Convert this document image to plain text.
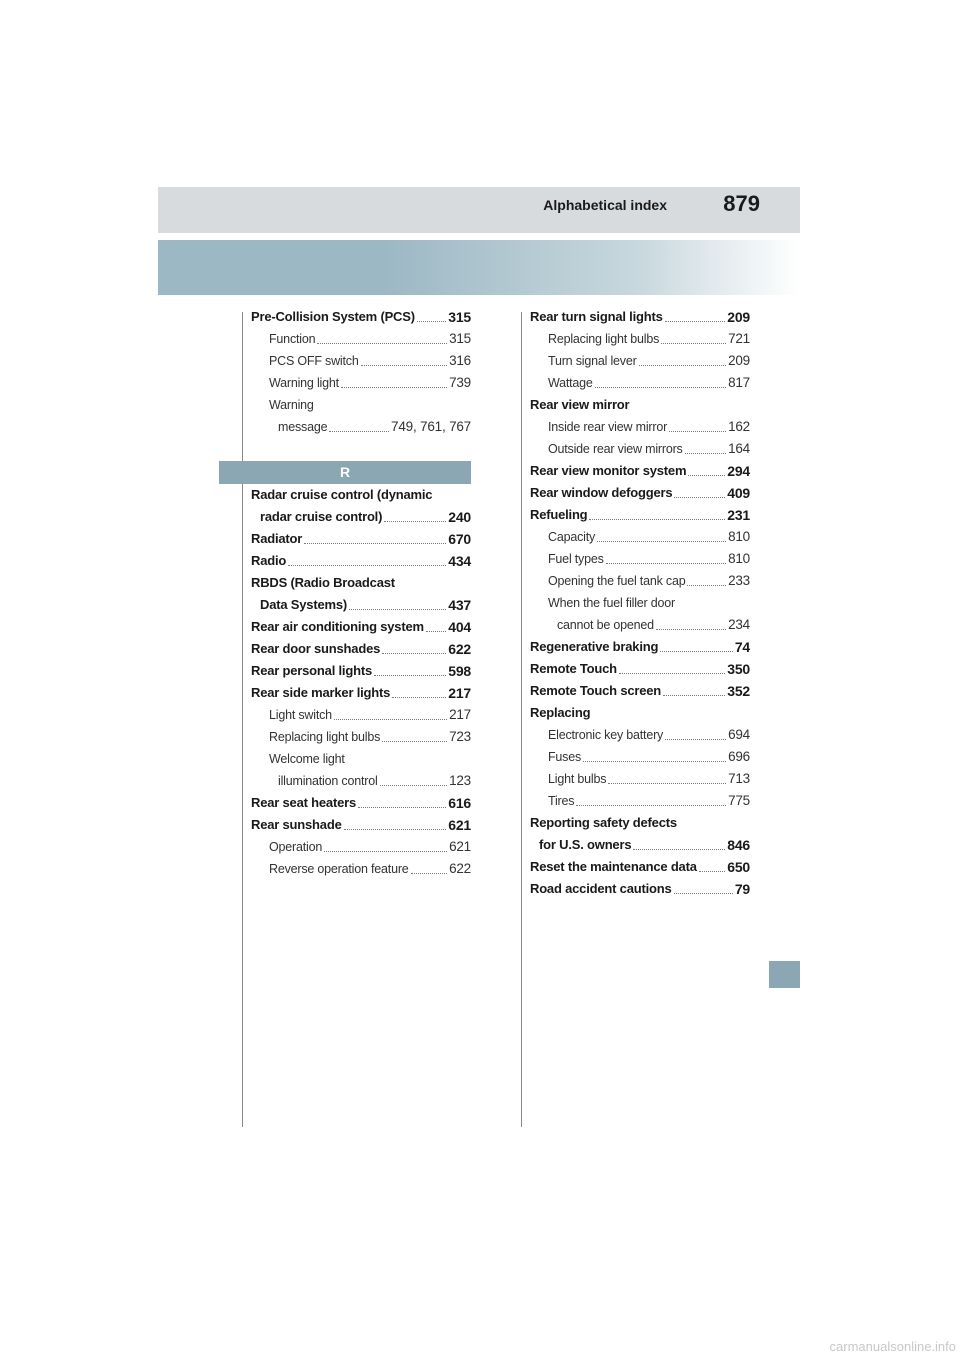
Alphabetical index	879
Pre-Collision System (PCS) 315
Function	315
PCS OFF switch	316
Warning light	739
Warning
message	749, 761, 767
R
Radar cruise control (dynamic
radar cruise control)	240
Radiator	670
Radio	434
RBDS (Radio Broadcast
Data Systems)	437
Rear air conditioning system 404
Rear door sunshades	622
Rear personal lights	598
Rear side marker lights	217
Light switch	217
Replacing light bulbs	723
Welcome light
illumination control	123
Rear seat heaters	616
Rear sunshade	621
Operation	621
Reverse operation feature	622
Rear turn signal lights	209
Replacing light bulbs	721
Turn signal lever	209
Wattage	817
Rear view mirror
Inside rear view mirror	162
Outside rear view mirrors	164
Rear view monitor system	294
Rear window defoggers	409
Refueling	231
Capacity	810
Fuel types	810
Opening the fuel tank cap	233
When the fuel filler door
cannot be opened	234
Regenerative braking	74
Remote Touch	350
Remote Touch screen	352
Replacing
Electronic key battery	694
Fuses	696
Light bulbs	713
Tires	775
Reporting safety defects
for U.S. owners	846
Reset the maintenance data 650
Road accident cautions	79
carmanualsonline.info
